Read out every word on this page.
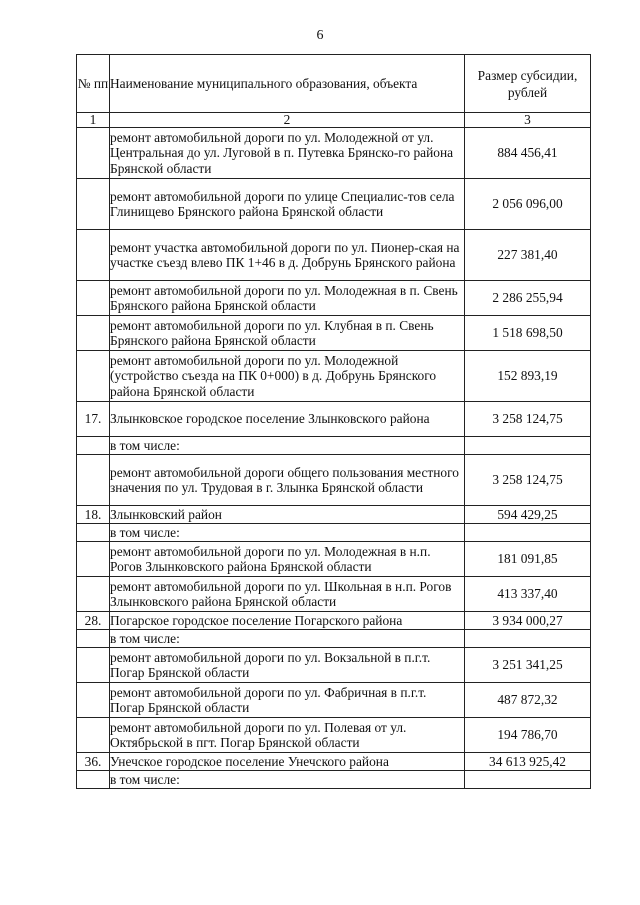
6
№ пп	Наименование муниципального образования, объекта	Размер субсидии, рублей
1	2	3
	ремонт автомобильной дороги по ул. Молодежной от ул. Центральная до ул. Луговой в п. Путевка Брянско-го района Брянской области	884 456,41
	ремонт автомобильной дороги по улице Специалис-тов села Глинищево Брянского района Брянской области	2 056 096,00
	ремонт участка автомобильной дороги по ул. Пионер-ская на участке съезд влево ПК 1+46 в д. Добрунь Брянского района	227 381,40
	ремонт автомобильной дороги по ул. Молодежная в п. Свень Брянского района Брянской области	2 286 255,94
	ремонт автомобильной дороги по ул. Клубная в п. Свень Брянского района Брянской области	1 518 698,50
	ремонт автомобильной дороги по ул. Молодежной (устройство съезда на ПК 0+000) в д. Добрунь Брянского района Брянской области	152 893,19
17.	Злынковское городское поселение Злынковского района	3 258 124,75
	в том числе:	
	ремонт автомобильной дороги общего пользования местного значения по ул. Трудовая в г. Злынка Брянской области	3 258 124,75
18.	Злынковский район	594 429,25
	в том числе:	
	ремонт автомобильной дороги по ул. Молодежная в н.п. Рогов Злынковского района Брянской области	181 091,85
	ремонт автомобильной дороги по ул. Школьная в н.п. Рогов Злынковского района Брянской области	413 337,40
28.	Погарское городское поселение Погарского района	3 934 000,27
	в том числе:	
	ремонт автомобильной дороги по ул. Вокзальной в п.г.т. Погар Брянской области	3 251 341,25
	ремонт автомобильной дороги по ул. Фабричная в п.г.т. Погар Брянской области	487 872,32
	ремонт автомобильной дороги по ул. Полевая от ул. Октябрьской в пгт. Погар Брянской области	194 786,70
36.	Унечское городское поселение Унечского района	34 613 925,42
	в том числе:	
